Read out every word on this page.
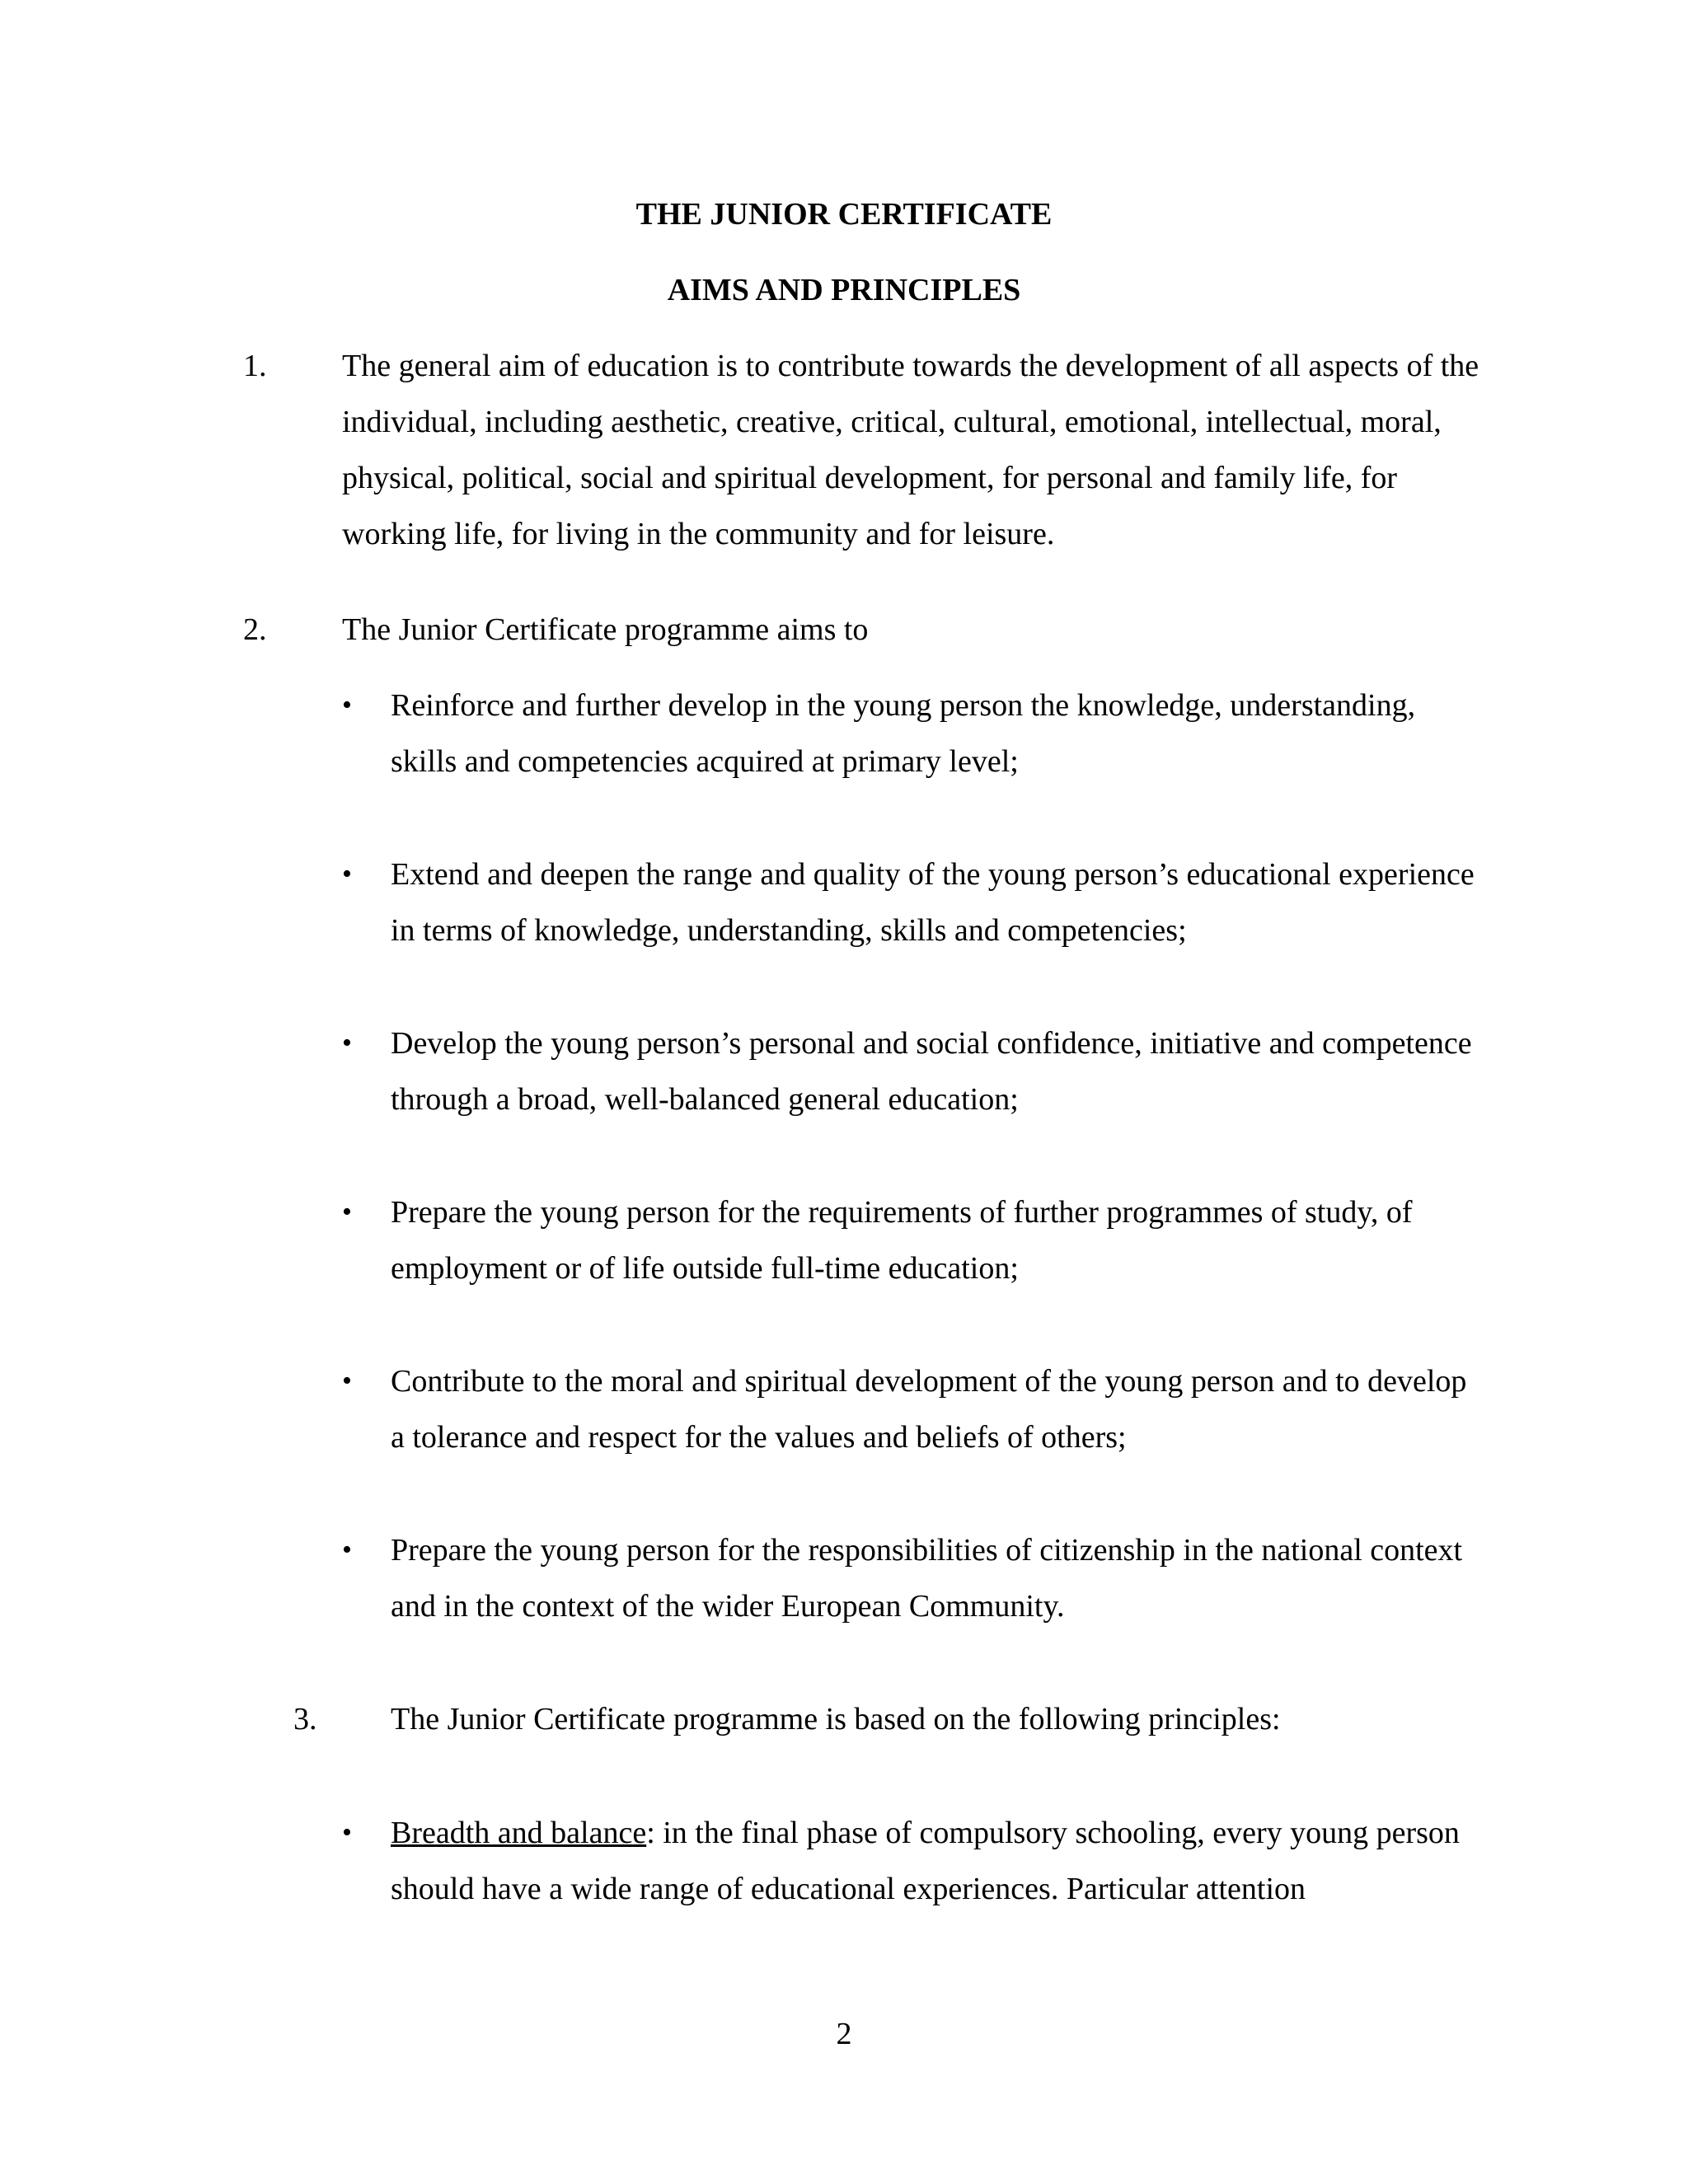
THE JUNIOR CERTIFICATE
AIMS AND PRINCIPLES
1. The general aim of education is to contribute towards the development of all aspects of the individual, including aesthetic, creative, critical, cultural, emotional, intellectual, moral, physical, political, social and spiritual development, for personal and family life, for working life, for living in the community and for leisure.

2. The Junior Certificate programme aims to

• Reinforce and further develop in the young person the knowledge, understanding, skills and competencies acquired at primary level;

• Extend and deepen the range and quality of the young person’s educational experience in terms of knowledge, understanding, skills and competencies;

• Develop the young person’s personal and social confidence, initiative and competence through a broad, well-balanced general education;

• Prepare the young person for the requirements of further programmes of study, of employment or of life outside full-time education;

• Contribute to the moral and spiritual development of the young person and to develop a tolerance and respect for the values and beliefs of others;

• Prepare the young person for the responsibilities of citizenship in the national context and in the context of the wider European Community.

3. The Junior Certificate programme is based on the following principles:

• Breadth and balance: in the final phase of compulsory schooling, every young person should have a wide range of educational experiences. Particular attention

2
